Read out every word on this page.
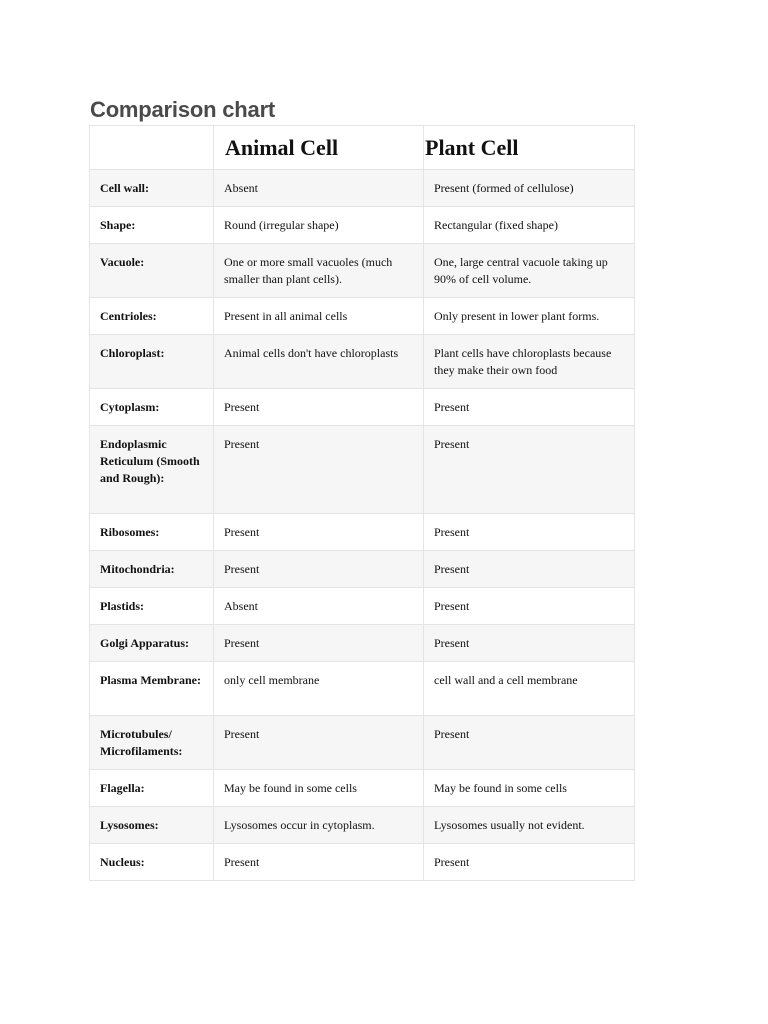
Comparison chart
	Animal Cell	Plant Cell
Cell wall:	Absent	Present (formed of cellulose)
Shape:	Round (irregular shape)	Rectangular (fixed shape)
Vacuole:	One or more small vacuoles (much smaller than plant cells).	One, large central vacuole taking up 90% of cell volume.
Centrioles:	Present in all animal cells	Only present in lower plant forms.
Chloroplast:	Animal cells don't have chloroplasts	Plant cells have chloroplasts because they make their own food
Cytoplasm:	Present	Present
Endoplasmic Reticulum (Smooth and Rough):	Present	Present
Ribosomes:	Present	Present
Mitochondria:	Present	Present
Plastids:	Absent	Present
Golgi Apparatus:	Present	Present
Plasma Membrane:	only cell membrane	cell wall and a cell membrane
Microtubules/ Microfilaments:	Present	Present
Flagella:	May be found in some cells	May be found in some cells
Lysosomes:	Lysosomes occur in cytoplasm.	Lysosomes usually not evident.
Nucleus:	Present	Present
